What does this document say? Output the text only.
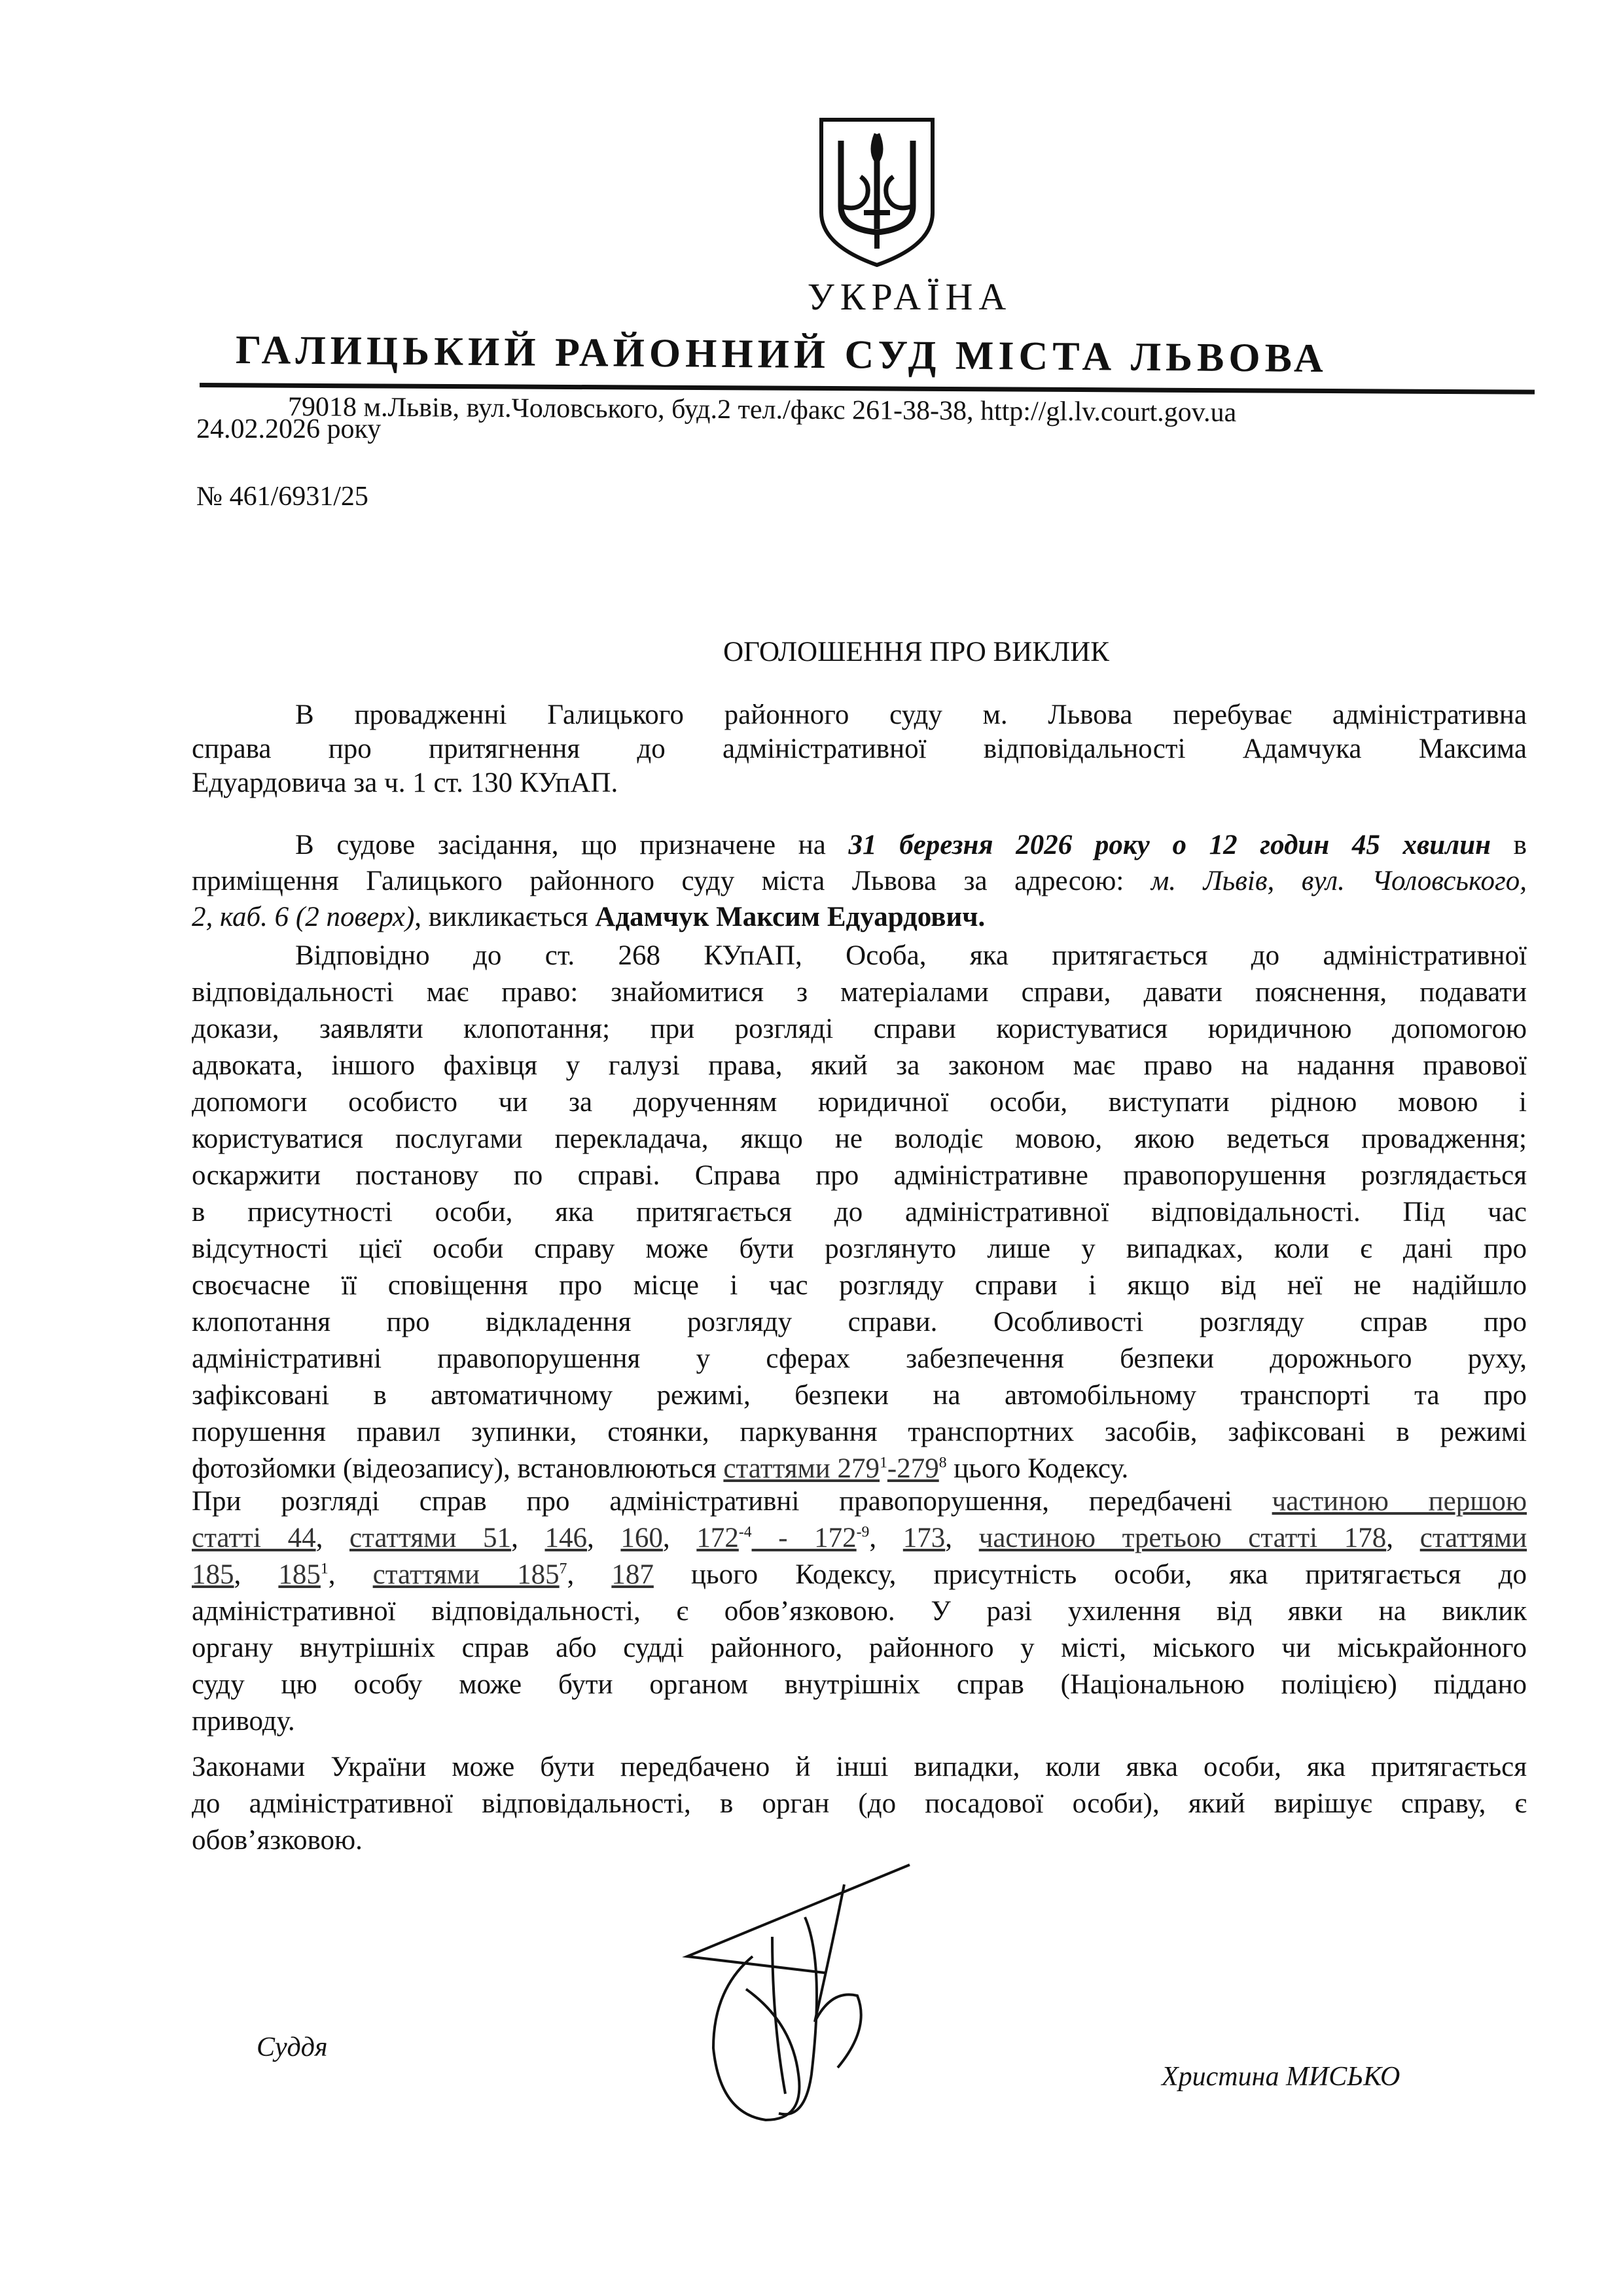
УКРАЇНА
ГАЛИЦЬКИЙ РАЙОННИЙ СУД МІСТА ЛЬВОВА
79018 м.Львів, вул.Чоловського, буд.2 тел./факс 261-38-38, http://gl.lv.court.gov.ua
24.02.2026 року
№ 461/6931/25
ОГОЛОШЕННЯ ПРО ВИКЛИК
В провадженні Галицького районного суду м. Львова перебуває адміністративна
справа про притягнення до адміністративної відповідальності Адамчука Максима
Едуардовича за ч. 1 ст. 130 КУпАП.
В судове засідання, що призначене на 31 березня 2026 року о 12 годин 45 хвилин в
приміщення Галицького районного суду міста Львова за адресою: м. Львів, вул. Чоловського,
2, каб. 6 (2 поверх), викликається Адамчук Максим Едуардович.
Відповідно до ст. 268 КУпАП, Особа, яка притягається до адміністративної
відповідальності має право: знайомитися з матеріалами справи, давати пояснення, подавати
докази, заявляти клопотання; при розгляді справи користуватися юридичною допомогою
адвоката, іншого фахівця у галузі права, який за законом має право на надання правової
допомоги особисто чи за дорученням юридичної особи, виступати рідною мовою і
користуватися послугами перекладача, якщо не володіє мовою, якою ведеться провадження;
оскаржити постанову по справі. Справа про адміністративне правопорушення розглядається
в присутності особи, яка притягається до адміністративної відповідальності. Під час
відсутності цієї особи справу може бути розглянуто лише у випадках, коли є дані про
своєчасне її сповіщення про місце і час розгляду справи і якщо від неї не надійшло
клопотання про відкладення розгляду справи. Особливості розгляду справ про
адміністративні правопорушення у сферах забезпечення безпеки дорожнього руху,
зафіксовані в автоматичному режимі, безпеки на автомобільному транспорті та про
порушення правил зупинки, стоянки, паркування транспортних засобів, зафіксовані в режимі
фотозйомки (відеозапису), встановлюються статтями $279^1-279^8$ цього Кодексу.
При розгляді справ про адміністративні правопорушення, передбачені частиною першою
статті 44, статтями 51, 146, 160, $172^{-4} - 172^{-9}$, 173, частиною третьою статті 178, статтями
185, $185^1$, статтями $185^7$, 187 цього Кодексу, присутність особи, яка притягається до
адміністративної відповідальності, є обов’язковою. У разі ухилення від явки на виклик
органу внутрішніх справ або судді районного, районного у місті, міського чи міськрайонного
суду цю особу може бути органом внутрішніх справ (Національною поліцією) піддано
приводу.
Законами України може бути передбачено й інші випадки, коли явка особи, яка притягається
до адміністративної відповідальності, в орган (до посадової особи), який вирішує справу, є
обов’язковою.
Суддя
Христина МИСЬКО
